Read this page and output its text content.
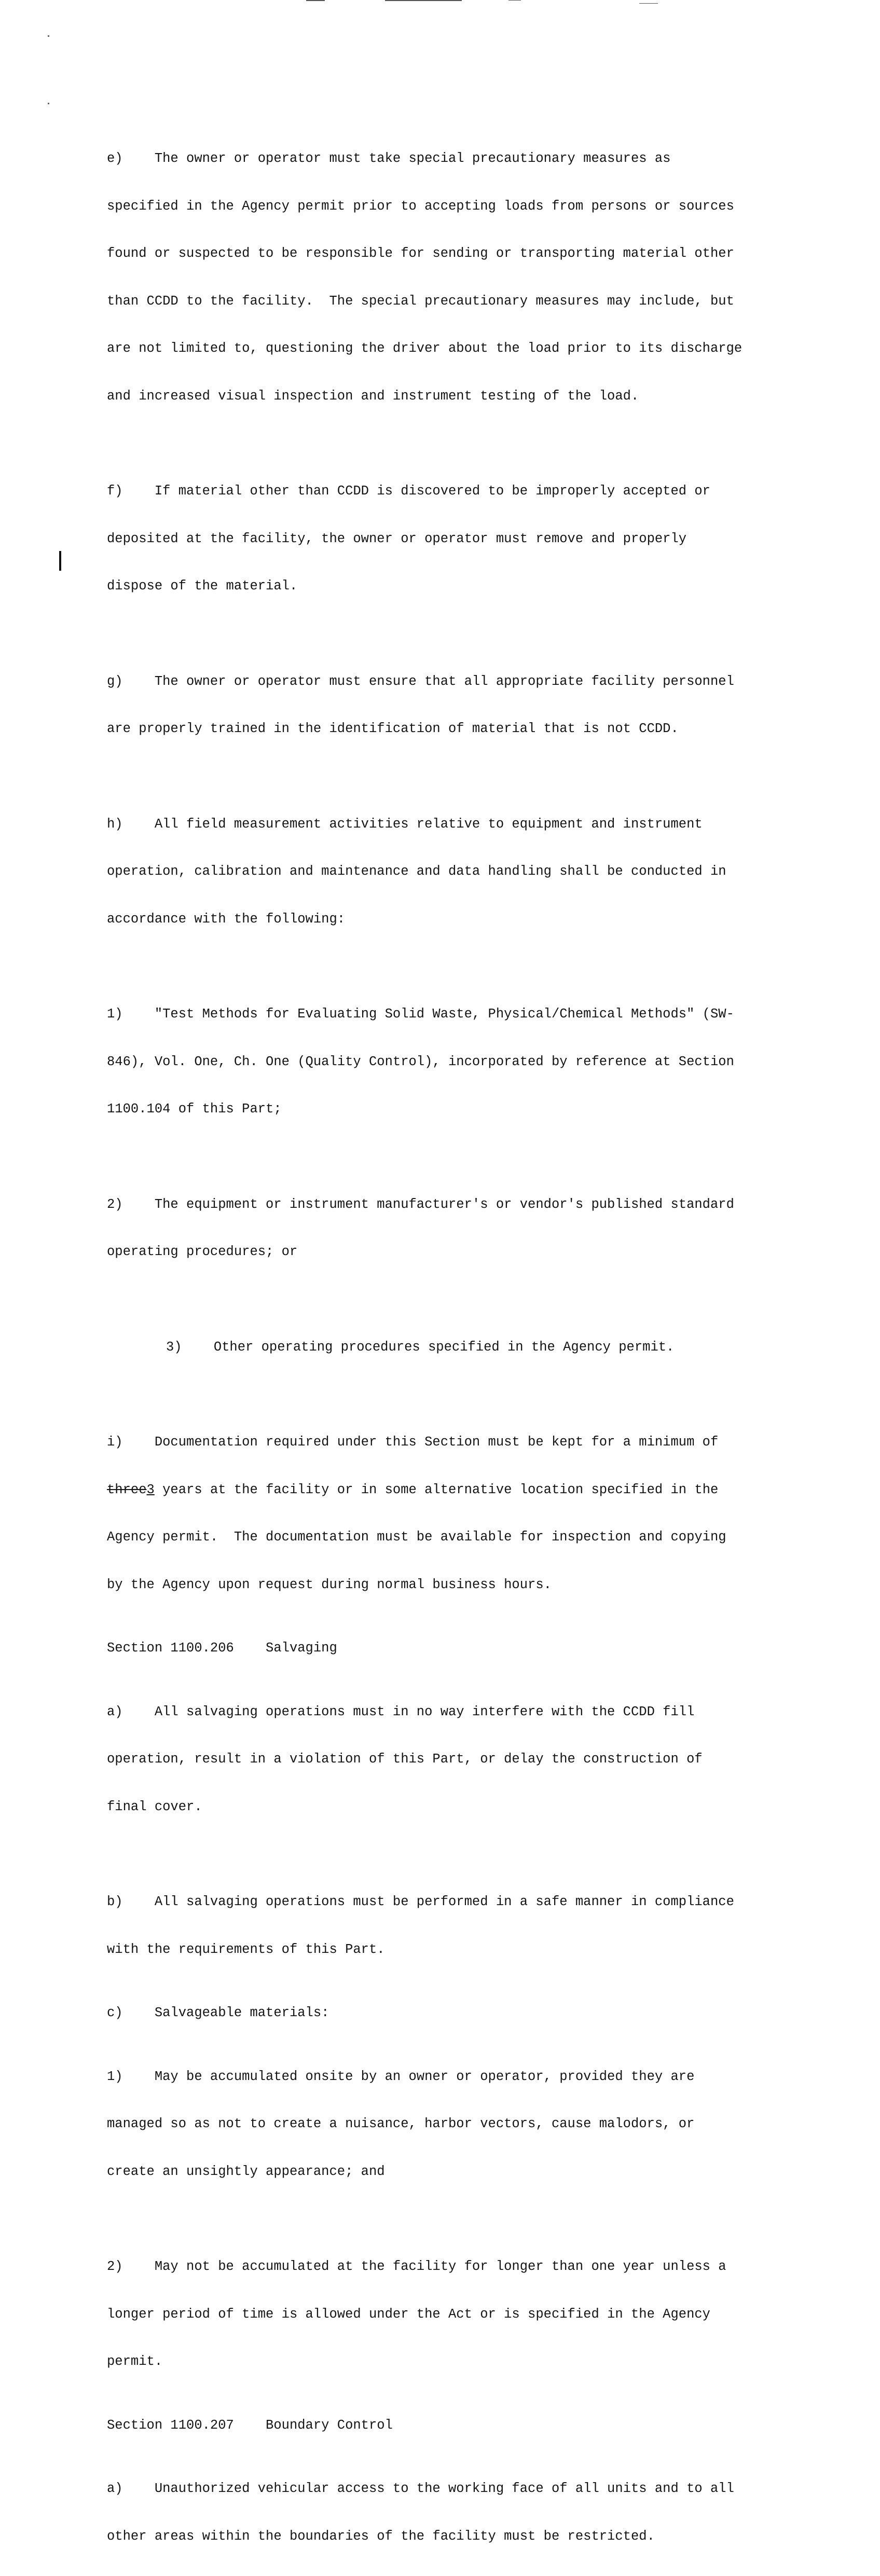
e)    The owner or operator must take special precautionary measures as

specified in the Agency permit prior to accepting loads from persons or sources

found or suspected to be responsible for sending or transporting material other

than CCDD to the facility.  The special precautionary measures may include, but

are not limited to, questioning the driver about the load prior to its discharge

and increased visual inspection and instrument testing of the load.

f)    If material other than CCDD is discovered to be improperly accepted or

deposited at the facility, the owner or operator must remove and properly

dispose of the material.

g)    The owner or operator must ensure that all appropriate facility personnel

are properly trained in the identification of material that is not CCDD.

h)    All field measurement activities relative to equipment and instrument

operation, calibration and maintenance and data handling shall be conducted in

accordance with the following:

1)    "Test Methods for Evaluating Solid Waste, Physical/Chemical Methods" (SW-

846), Vol. One, Ch. One (Quality Control), incorporated by reference at Section

1100.104 of this Part;

2)    The equipment or instrument manufacturer's or vendor's published standard

operating procedures; or

3)    Other operating procedures specified in the Agency permit.

i)    Documentation required under this Section must be kept for a minimum of

three3 years at the facility or in some alternative location specified in the

Agency permit.  The documentation must be available for inspection and copying

by the Agency upon request during normal business hours.

Section 1100.206    Salvaging

a)    All salvaging operations must in no way interfere with the CCDD fill

operation, result in a violation of this Part, or delay the construction of

final cover.

b)    All salvaging operations must be performed in a safe manner in compliance

with the requirements of this Part.

c)    Salvageable materials:

1)    May be accumulated onsite by an owner or operator, provided they are

managed so as not to create a nuisance, harbor vectors, cause malodors, or

create an unsightly appearance; and

2)    May not be accumulated at the facility for longer than one year unless a

longer period of time is allowed under the Act or is specified in the Agency

permit.

Section 1100.207    Boundary Control

a)    Unauthorized vehicular access to the working face of all units and to all

other areas within the boundaries of the facility must be restricted.
